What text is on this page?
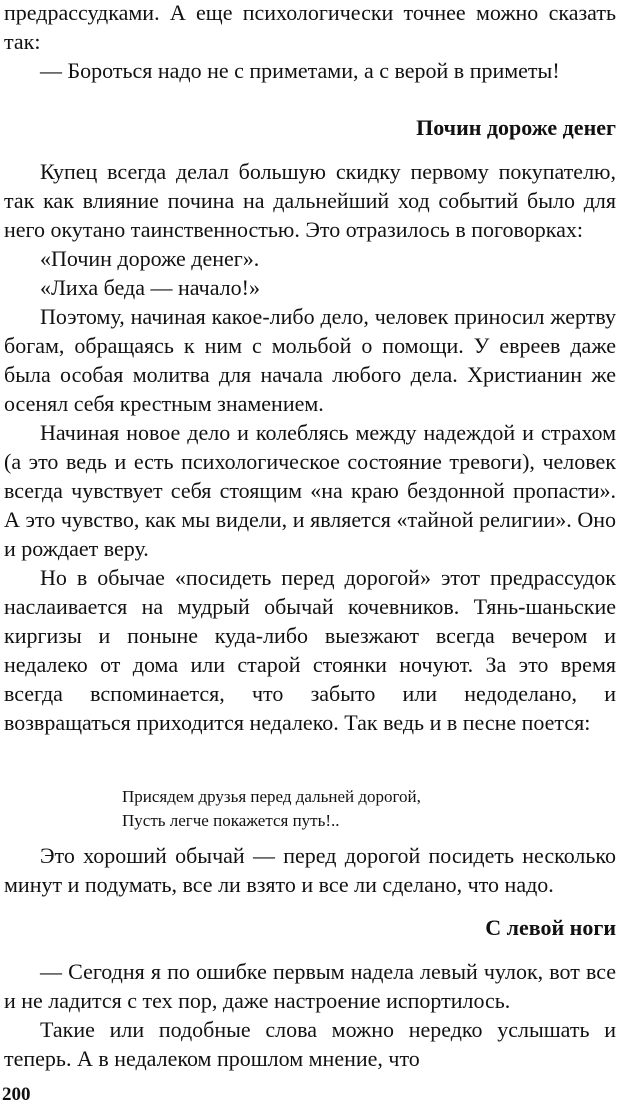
предрассудками. А еще психологически точнее можно сказать так:

— Бороться надо не с приметами, а с верой в приметы!

Почин дороже денег

Купец всегда делал большую скидку первому покупателю, так как влияние почина на дальнейший ход событий было для него окутано таинственностью. Это отразилось в поговорках:

«Почин дороже денег».

«Лиха беда — начало!»

Поэтому, начиная какое-либо дело, человек приносил жертву богам, обращаясь к ним с мольбой о помощи. У евреев даже была особая молитва для начала любого дела. Христианин же осенял себя крестным знамением.

Начиная новое дело и колеблясь между надеждой и страхом (а это ведь и есть психологическое состояние тревоги), человек всегда чувствует себя стоящим «на краю бездонной пропасти». А это чувство, как мы видели, и является «тайной религии». Оно и рождает веру.

Но в обычае «посидеть перед дорогой» этот предрассудок наслаивается на мудрый обычай кочевников. Тянь-шаньские киргизы и поныне куда-либо выезжают всегда вечером и недалеко от дома или старой стоянки ночуют. За это время всегда вспоминается, что забыто или недоделано, и возвращаться приходится недалеко. Так ведь и в песне поется:

Присядем друзья перед дальней дорогой,
Пусть легче покажется путь!..

Это хороший обычай — перед дорогой посидеть несколько минут и подумать, все ли взято и все ли сделано, что надо.

С левой ноги

— Сегодня я по ошибке первым надела левый чулок, вот все и не ладится с тех пор, даже настроение испортилось.

Такие или подобные слова можно нередко услышать и теперь. А в недалеком прошлом мнение, что

200
